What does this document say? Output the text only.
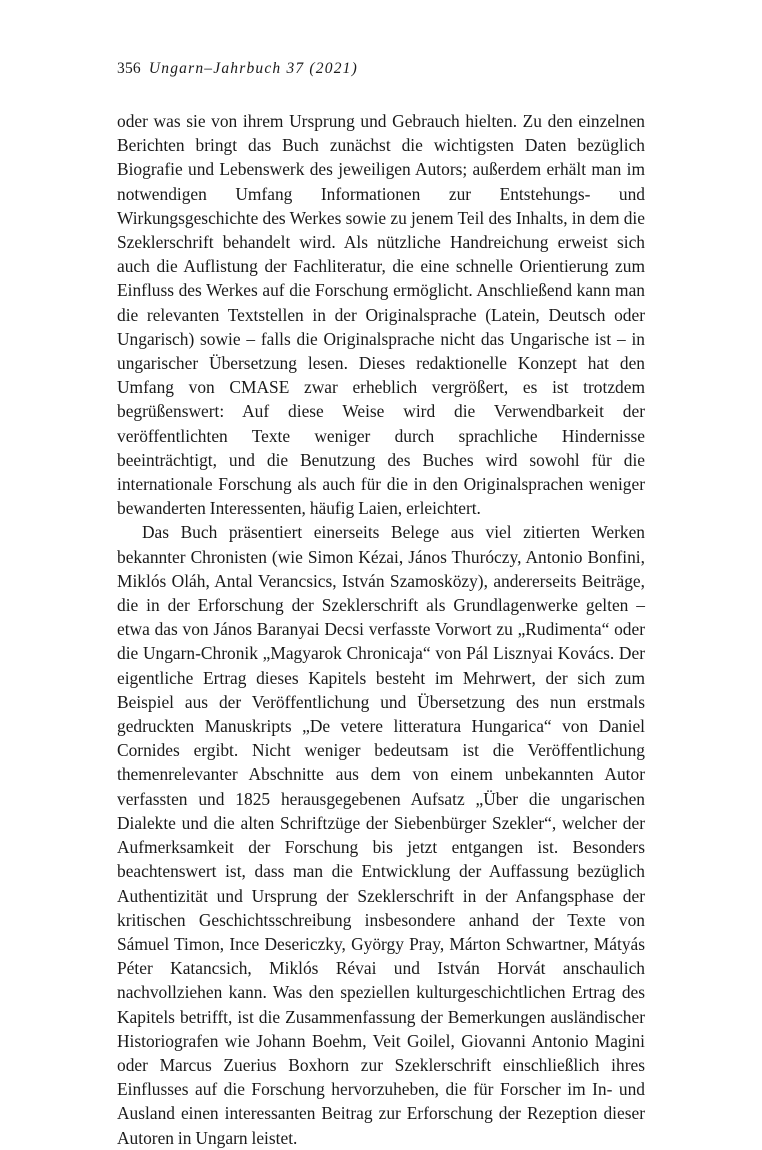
356 Ungarn–Jahrbuch 37 (2021)

oder was sie von ihrem Ursprung und Gebrauch hielten. Zu den einzelnen Berichten bringt das Buch zunächst die wichtigsten Daten bezüglich Biografie und Lebenswerk des jeweiligen Autors; außerdem erhält man im notwendigen Umfang Informationen zur Entstehungs- und Wirkungsgeschichte des Werkes sowie zu jenem Teil des Inhalts, in dem die Szeklerschrift behandelt wird. Als nützliche Handreichung erweist sich auch die Auflistung der Fachliteratur, die eine schnelle Orientierung zum Einfluss des Werkes auf die Forschung ermöglicht. Anschließend kann man die relevanten Textstellen in der Originalsprache (Latein, Deutsch oder Ungarisch) sowie – falls die Originalsprache nicht das Ungarische ist – in ungarischer Übersetzung lesen. Dieses redaktionelle Konzept hat den Umfang von CMASE zwar erheblich vergrößert, es ist trotzdem begrüßenswert: Auf diese Weise wird die Verwendbarkeit der veröffentlichten Texte weniger durch sprachliche Hindernisse beeinträchtigt, und die Benutzung des Buches wird sowohl für die internationale Forschung als auch für die in den Originalsprachen weniger bewanderten Interessenten, häufig Laien, erleichtert.

Das Buch präsentiert einerseits Belege aus viel zitierten Werken bekannter Chronisten (wie Simon Kézai, János Thuróczy, Antonio Bonfini, Miklós Oláh, Antal Verancsics, István Szamosközy), andererseits Beiträge, die in der Erforschung der Szeklerschrift als Grundlagenwerke gelten – etwa das von János Baranyai Decsi verfasste Vorwort zu „Rudimenta“ oder die Ungarn-Chronik „Magyarok Chronicaja“ von Pál Lisznyai Kovács. Der eigentliche Ertrag dieses Kapitels besteht im Mehrwert, der sich zum Beispiel aus der Veröffentlichung und Übersetzung des nun erstmals gedruckten Manuskripts „De vetere litteratura Hungarica“ von Daniel Cornides ergibt. Nicht weniger bedeutsam ist die Veröffentlichung themenrelevanter Abschnitte aus dem von einem unbekannten Autor verfassten und 1825 herausgegebenen Aufsatz „Über die ungarischen Dialekte und die alten Schriftzüge der Siebenbürger Szekler“, welcher der Aufmerksamkeit der Forschung bis jetzt entgangen ist. Besonders beachtenswert ist, dass man die Entwicklung der Auffassung bezüglich Authentizität und Ursprung der Szeklerschrift in der Anfangsphase der kritischen Geschichtsschreibung insbesondere anhand der Texte von Sámuel Timon, Ince Desericzky, György Pray, Márton Schwartner, Mátyás Péter Katancsich, Miklós Révai und István Horvát anschaulich nachvollziehen kann. Was den speziellen kulturgeschichtlichen Ertrag des Kapitels betrifft, ist die Zusammenfassung der Bemerkungen ausländischer Historiografen wie Johann Boehm, Veit Goilel, Giovanni Antonio Magini oder Marcus Zuerius Boxhorn zur Szeklerschrift einschließlich ihres Einflusses auf die Forschung hervorzuheben, die für Forscher im In- und Ausland einen interessanten Beitrag zur Erforschung der Rezeption dieser Autoren in Ungarn leistet.
